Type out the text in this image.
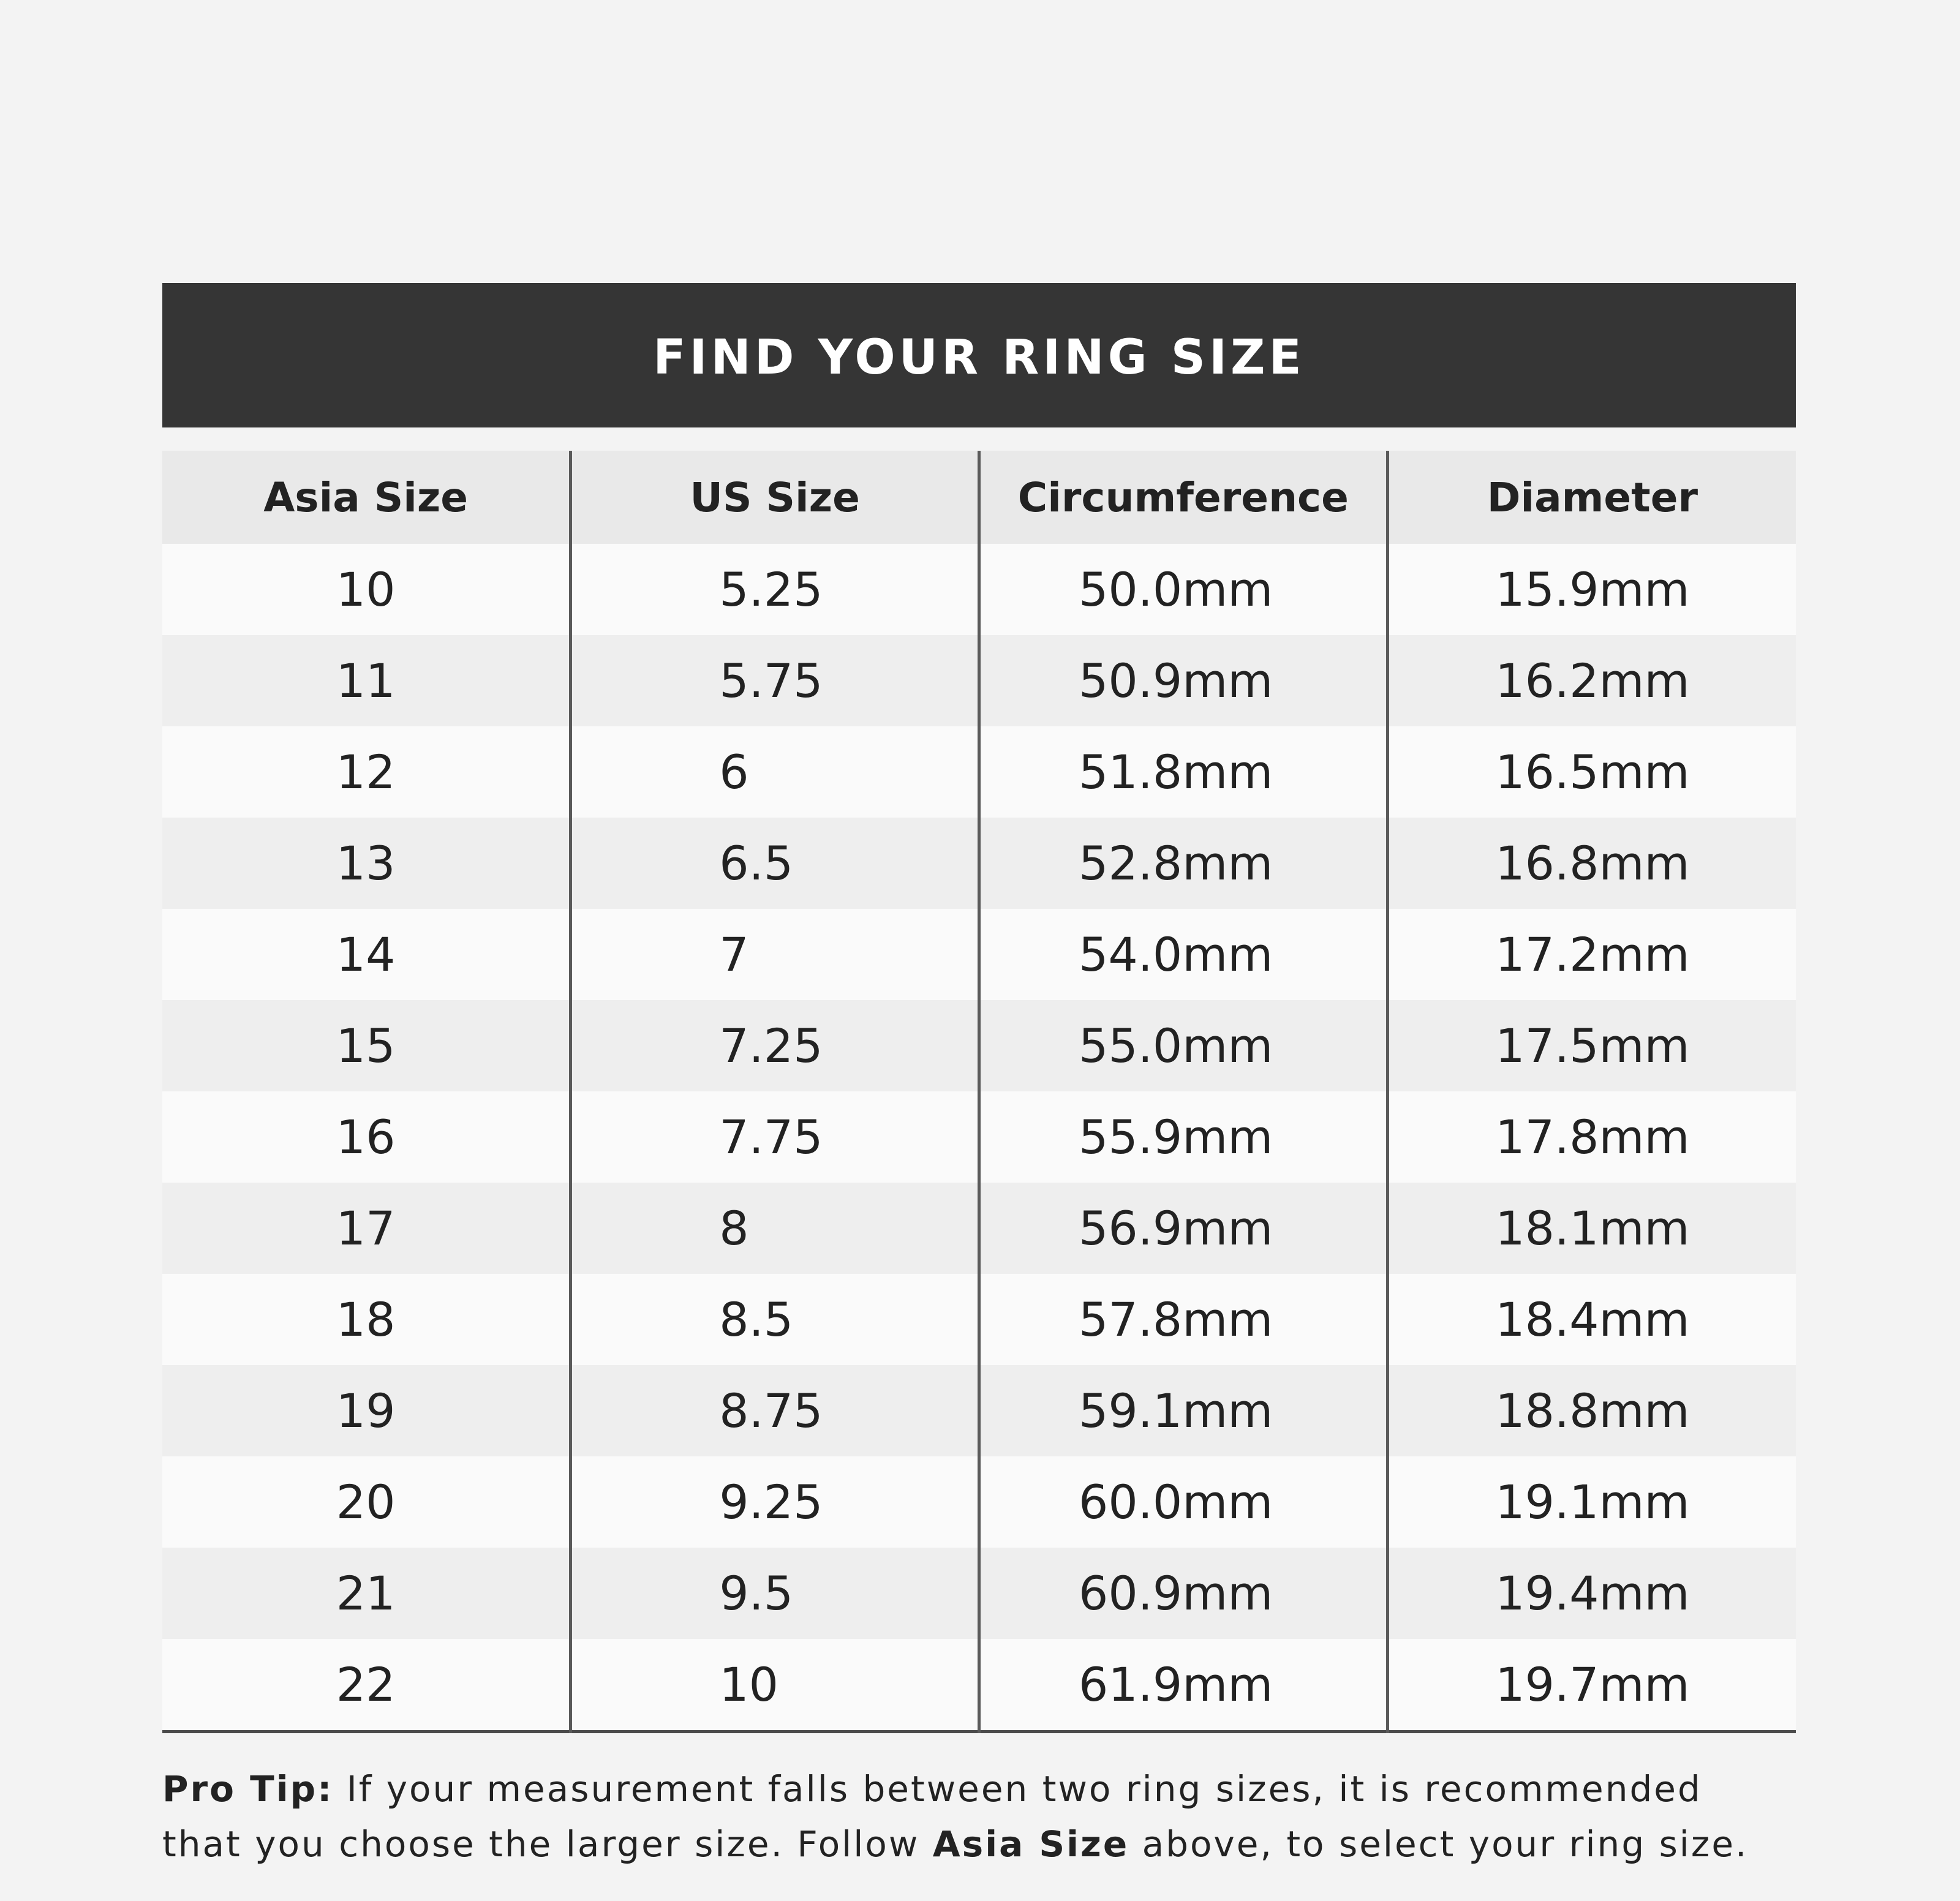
FIND YOUR RING SIZE
Asia Size	US Size	Circumference	Diameter
10	5.25	50.0mm	15.9mm
11	5.75	50.9mm	16.2mm
12	6	51.8mm	16.5mm
13	6.5	52.8mm	16.8mm
14	7	54.0mm	17.2mm
15	7.25	55.0mm	17.5mm
16	7.75	55.9mm	17.8mm
17	8	56.9mm	18.1mm
18	8.5	57.8mm	18.4mm
19	8.75	59.1mm	18.8mm
20	9.25	60.0mm	19.1mm
21	9.5	60.9mm	19.4mm
22	10	61.9mm	19.7mm
Pro Tip: If your measurement falls between two ring sizes, it is recommended
that you choose the larger size. Follow Asia Size above, to select your ring size.
